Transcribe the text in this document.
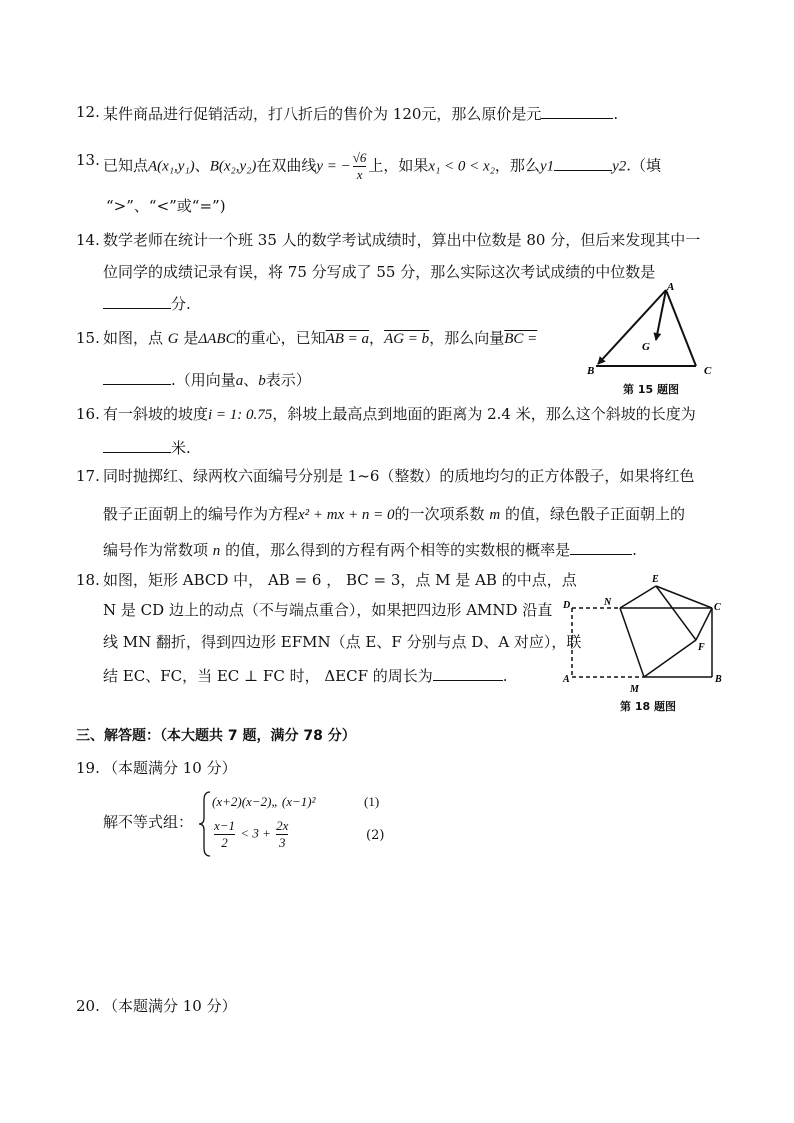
12. 某件商品进行促销活动，打八折后的售价为 120元，那么原价是元	.
13. 已知点A(x₁,y₁)、B(x₂,y₂)在双曲线y = − $\frac{√6}{x}$ 上，如果x₁ < 0 < x₂，那么y1	y2.（填
“>”、“<”或“=”)
14. 数学老师在统计一个班 35 人的数学考试成绩时，算出中位数是 80 分，但后来发现其中一
位同学的成绩记录有误，将 75 分写成了 55 分，那么实际这次考试成绩的中位数是
分.
15. 如图，点 G 是ΔABC的重心，已知AB = a，AG = b，那么向量BC =
.（用向量a、b表示）
A
B	C
G
第 15 题图
16. 有一斜坡的坡度i = 1: 0.75，斜坡上最高点到地面的距离为 2.4 米，那么这个斜坡的长度为
米.
17. 同时抛掷红、绿两枚六面编号分别是 1~6（整数）的质地均匀的正方体骰子，如果将红色
骰子正面朝上的编号作为方程x² + mx + n = 0的一次项系数 m 的值，绿色骰子正面朝上的
编号作为常数项 n 的值，那么得到的方程有两个相等的实数根的概率是	.
18. 如图，矩形 ABCD 中， AB = 6 ， BC = 3，点 M 是 AB 的中点，点
N 是 CD 边上的动点（不与端点重合），如果把四边形 AMND 沿直
线 MN 翻折，得到四边形 EFMN（点 E、F 分别与点 D、A 对应），联
结 EC、FC，当 EC ⊥ FC 时， ΔECF 的周长为	.
D	N
E
C
F
A
M
B
第 18 题图
三、解答题：（本大题共 7 题，满分 78 分）
19. （本题满分 10 分）
解不等式组：
(x+2)(x−2)„ (x−1)²	(1)
$\frac{x-1}{2} < 3 + \frac{2x}{3}$	(2)
20. （本题满分 10 分）
